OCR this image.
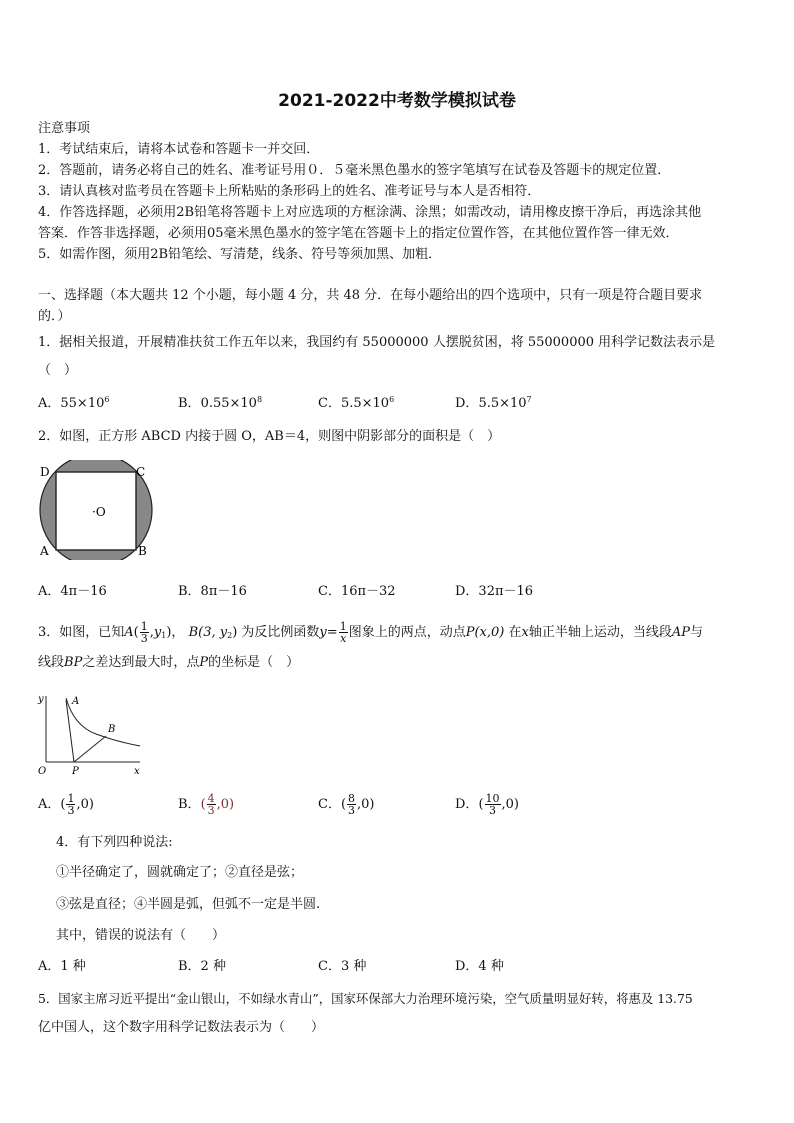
2021-2022中考数学模拟试卷
注意事项
1．考试结束后，请将本试卷和答题卡一并交回．
2．答题前，请务必将自己的姓名、准考证号用０．５毫米黑色墨水的签字笔填写在试卷及答题卡的规定位置．
3．请认真核对监考员在答题卡上所粘贴的条形码上的姓名、准考证号与本人是否相符．
4．作答选择题，必须用2B铅笔将答题卡上对应选项的方框涂满、涂黑；如需改动，请用橡皮擦干净后，再选涂其他
答案．作答非选择题，必须用05毫米黑色墨水的签字笔在答题卡上的指定位置作答，在其他位置作答一律无效．
5．如需作图，须用2B铅笔绘、写清楚，线条、符号等须加黑、加粗．
一、选择题（本大题共 12 个小题，每小题 4 分，共 48 分．在每小题给出的四个选项中，只有一项是符合题目要求
的．）
1．据相关报道，开展精准扶贫工作五年以来，我国约有 55000000 人摆脱贫困，将 55000000 用科学记数法表示是
（　）
A．$55\times 10^6$	B．$0.55\times 10^8$	C．$5.5\times 10^6$	D．$5.5\times 10^7$
2．如图，正方形 ABCD 内接于圆 O，AB＝4，则图中阴影部分的面积是（　）
D	C
A	B
·O
A．4π－16	B．8π－16	C．16π－32	D．32π－16
3．如图，已知$A( \frac{1}{3} ,y_1)$， B(3, $y_2$) 为反比例函数$y= \frac{1}{x}$ 图象上的两点，动点P(x,0) 在x轴正半轴上运动，当线段AP与
线段BP之差达到最大时，点P的坐标是（　）
y	A
B
O	P	x
A．( $\frac{1}{3} ,0$)	B．( $\frac{4}{3} ,0$)	C．( $\frac{8}{3} ,0$)	D．( $\frac{10}{3} ,0$)
4．有下列四种说法:
①半径确定了，圆就确定了；②直径是弦；
③弦是直径；④半圆是弧，但弧不一定是半圆.
其中，错误的说法有（　　）
A．1 种	B．2 种	C．3 种	D．4 种
5．国家主席习近平提出“金山银山，不如绿水青山”，国家环保部大力治理环境污染，空气质量明显好转，将惠及 13.75
亿中国人，这个数字用科学记数法表示为（　　）
